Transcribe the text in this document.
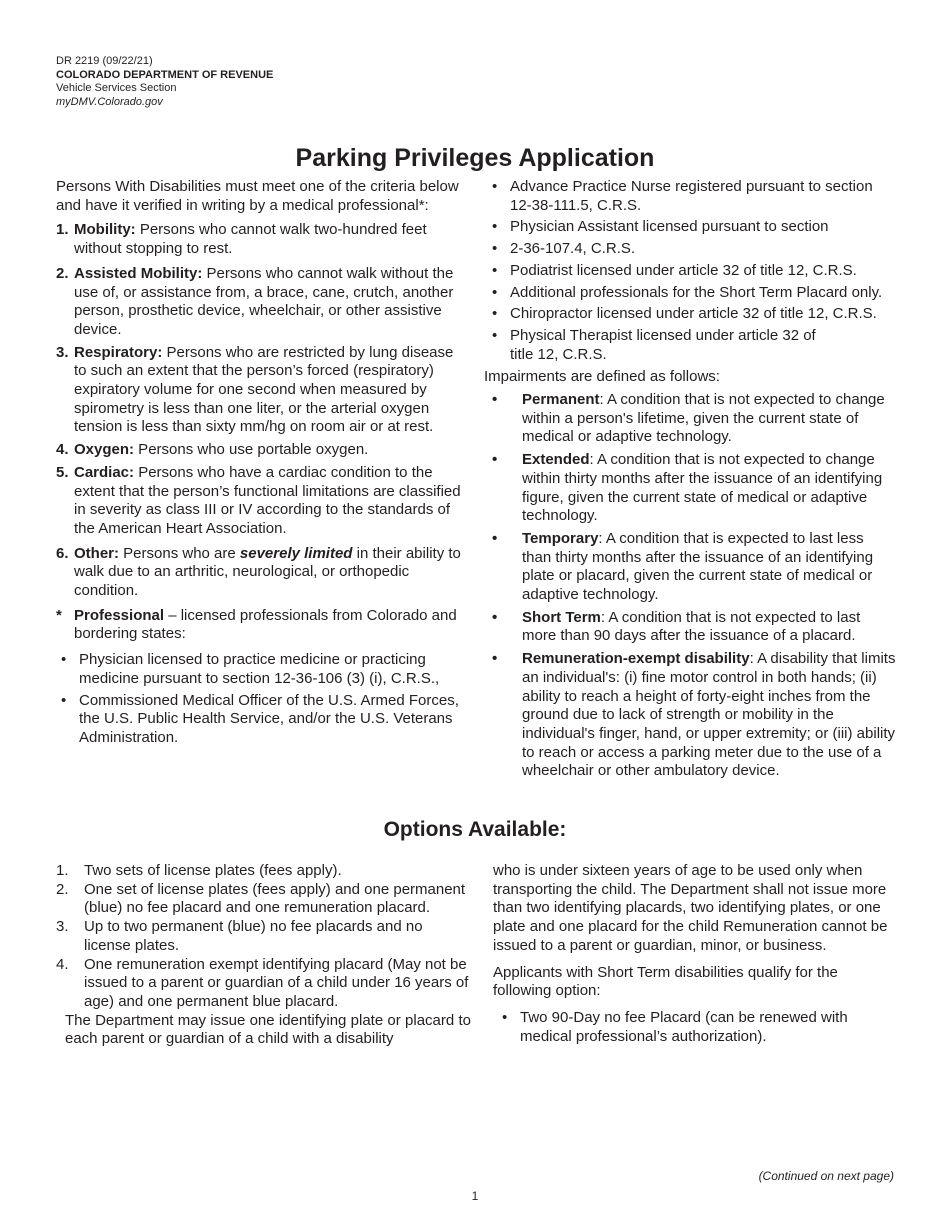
DR 2219 (09/22/21)
COLORADO DEPARTMENT OF REVENUE
Vehicle Services Section
myDMV.Colorado.gov
Parking Privileges Application

Persons With Disabilities must meet one of the criteria below and have it verified in writing by a medical professional*:

1. Mobility: Persons who cannot walk two-hundred feet without stopping to rest.
2. Assisted Mobility: Persons who cannot walk without the use of, or assistance from, a brace, cane, crutch, another person, prosthetic device, wheelchair, or other assistive device.
3. Respiratory: Persons who are restricted by lung disease to such an extent that the person’s forced (respiratory) expiratory volume for one second when measured by spirometry is less than one liter, or the arterial oxygen tension is less than sixty mm/hg on room air or at rest.
4. Oxygen: Persons who use portable oxygen.
5. Cardiac: Persons who have a cardiac condition to the extent that the person’s functional limitations are classified in severity as class III or IV according to the standards of the American Heart Association.
6. Other: Persons who are severely limited in their ability to walk due to an arthritic, neurological, or orthopedic condition.
* Professional – licensed professionals from Colorado and bordering states:
• Physician licensed to practice medicine or practicing medicine pursuant to section 12-36-106 (3) (i), C.R.S.,
• Commissioned Medical Officer of the U.S. Armed Forces, the U.S. Public Health Service, and/or the U.S. Veterans Administration.
• Advance Practice Nurse registered pursuant to section 12-38-111.5, C.R.S.
• Physician Assistant licensed pursuant to section
• 2-36-107.4, C.R.S.
• Podiatrist licensed under article 32 of title 12, C.R.S.
• Additional professionals for the Short Term Placard only.
• Chiropractor licensed under article 32 of title 12, C.R.S.
• Physical Therapist licensed under article 32 of title 12, C.R.S.

Impairments are defined as follows:

•	Permanent: A condition that is not expected to change within a person's lifetime, given the current state of medical or adaptive technology.
•	Extended: A condition that is not expected to change within thirty months after the issuance of an identifying figure, given the current state of medical or adaptive technology.
•	Temporary: A condition that is expected to last less than thirty months after the issuance of an identifying plate or placard, given the current state of medical or adaptive technology.
•	Short Term: A condition that is not expected to last more than 90 days after the issuance of a placard.
•	Remuneration-exempt disability: A disability that limits an individual's: (i) fine motor control in both hands; (ii) ability to reach a height of forty-eight inches from the ground due to lack of strength or mobility in the individual's finger, hand, or upper extremity; or (iii) ability to reach or access a parking meter due to the use of a wheelchair or other ambulatory device.
Options Available:
1.	Two sets of license plates (fees apply).
2.	One set of license plates (fees apply) and one permanent (blue) no fee placard and one remuneration placard.
3.	Up to two permanent (blue) no fee placards and no license plates.
4.	One remuneration exempt identifying placard (May not be issued to a parent or guardian of a child under 16 years of age) and one permanent blue placard.

The Department may issue one identifying plate or placard to each parent or guardian of a child with a disability

who is under sixteen years of age to be used only when transporting the child. The Department shall not issue more than two identifying placards, two identifying plates, or one plate and one placard for the child Remuneration cannot be issued to a parent or guardian, minor, or business.

Applicants with Short Term disabilities qualify for the following option:

• Two 90-Day no fee Placard (can be renewed with medical professional’s authorization).
(Continued on next page)
1
